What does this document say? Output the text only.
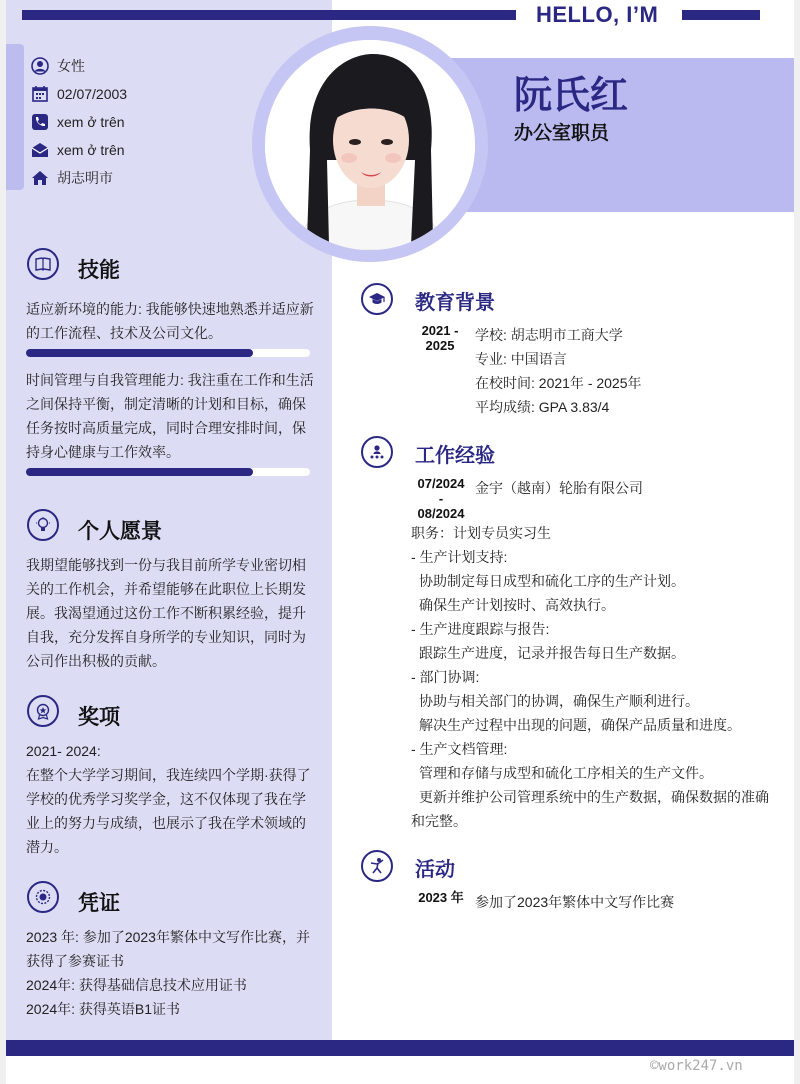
HELLO, I’M
女性
02/07/2003
xem ở trên
xem ở trên
胡志明市
阮氏红
办公室职员
技能
适应新环境的能力: 我能够快速地熟悉并适应新的工作流程、技术及公司文化。
时间管理与自我管理能力: 我注重在工作和生活之间保持平衡，制定清晰的计划和目标，确保任务按时高质量完成，同时合理安排时间，保持身心健康与工作效率。
个人愿景
我期望能够找到一份与我目前所学专业密切相关的工作机会，并希望能够在此职位上长期发展。我渴望通过这份工作不断积累经验，提升自我，充分发挥自身所学的专业知识，同时为公司作出积极的贡献。
奖项
2021- 2024:
在整个大学学习期间，我连续四个学期·获得了学校的优秀学习奖学金，这不仅体现了我在学业上的努力与成绩，也展示了我在学术领域的潜力。
凭证
2023 年: 参加了2023年繁体中文写作比赛，并获得了参赛证书
2024年: 获得基础信息技术应用证书
2024年: 获得英语B1证书
教育背景
2021 -
2025
学校: 胡志明市工商大学
专业: 中国语言
在校时间: 2021年 - 2025年
平均成绩: GPA 3.83/4
工作经验
07/2024
-
08/2024
金宇（越南）轮胎有限公司
职务：计划专员实习生
- 生产计划支持:
协助制定每日成型和硫化工序的生产计划。
确保生产计划按时、高效执行。
- 生产进度跟踪与报告:
跟踪生产进度，记录并报告每日生产数据。
- 部门协调:
协助与相关部门的协调，确保生产顺利进行。
解决生产过程中出现的问题，确保产品质量和进度。
- 生产文档管理:
管理和存储与成型和硫化工序相关的生产文件。
更新并维护公司管理系统中的生产数据，确保数据的准确和完整。
活动
2023 年 参加了2023年繁体中文写作比赛
©work247.vn
